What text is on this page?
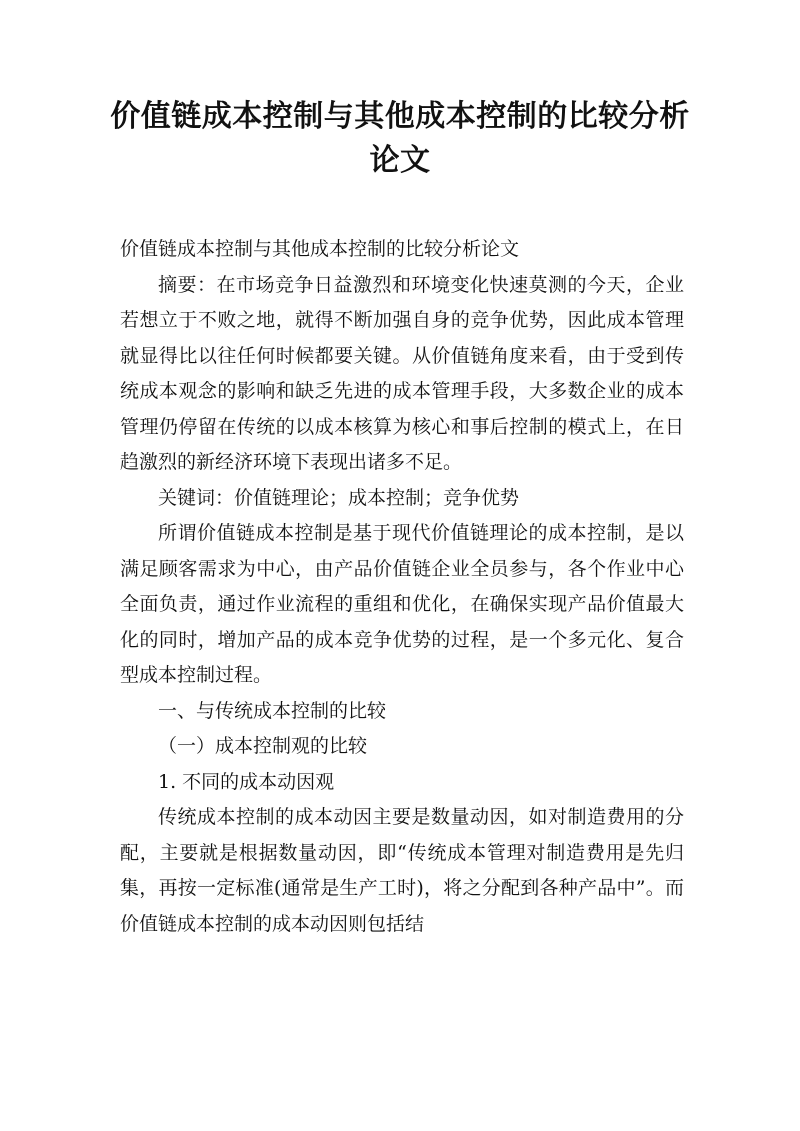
价值链成本控制与其他成本控制的比较分析论文

价值链成本控制与其他成本控制的比较分析论文

摘要：在市场竞争日益激烈和环境变化快速莫测的今天，企业若想立于不败之地，就得不断加强自身的竞争优势，因此成本管理就显得比以往任何时候都要关键。从价值链角度来看，由于受到传统成本观念的影响和缺乏先进的成本管理手段，大多数企业的成本管理仍停留在传统的以成本核算为核心和事后控制的模式上，在日趋激烈的新经济环境下表现出诸多不足。

关键词：价值链理论；成本控制；竞争优势

所谓价值链成本控制是基于现代价值链理论的成本控制，是以满足顾客需求为中心，由产品价值链企业全员参与，各个作业中心全面负责，通过作业流程的重组和优化，在确保实现产品价值最大化的同时，增加产品的成本竞争优势的过程，是一个多元化、复合型成本控制过程。

一、与传统成本控制的比较

（一）成本控制观的比较

1. 不同的成本动因观

传统成本控制的成本动因主要是数量动因，如对制造费用的分配，主要就是根据数量动因，即“传统成本管理对制造费用是先归集，再按一定标准(通常是生产工时)，将之分配到各种产品中”。而价值链成本控制的成本动因则包括结
